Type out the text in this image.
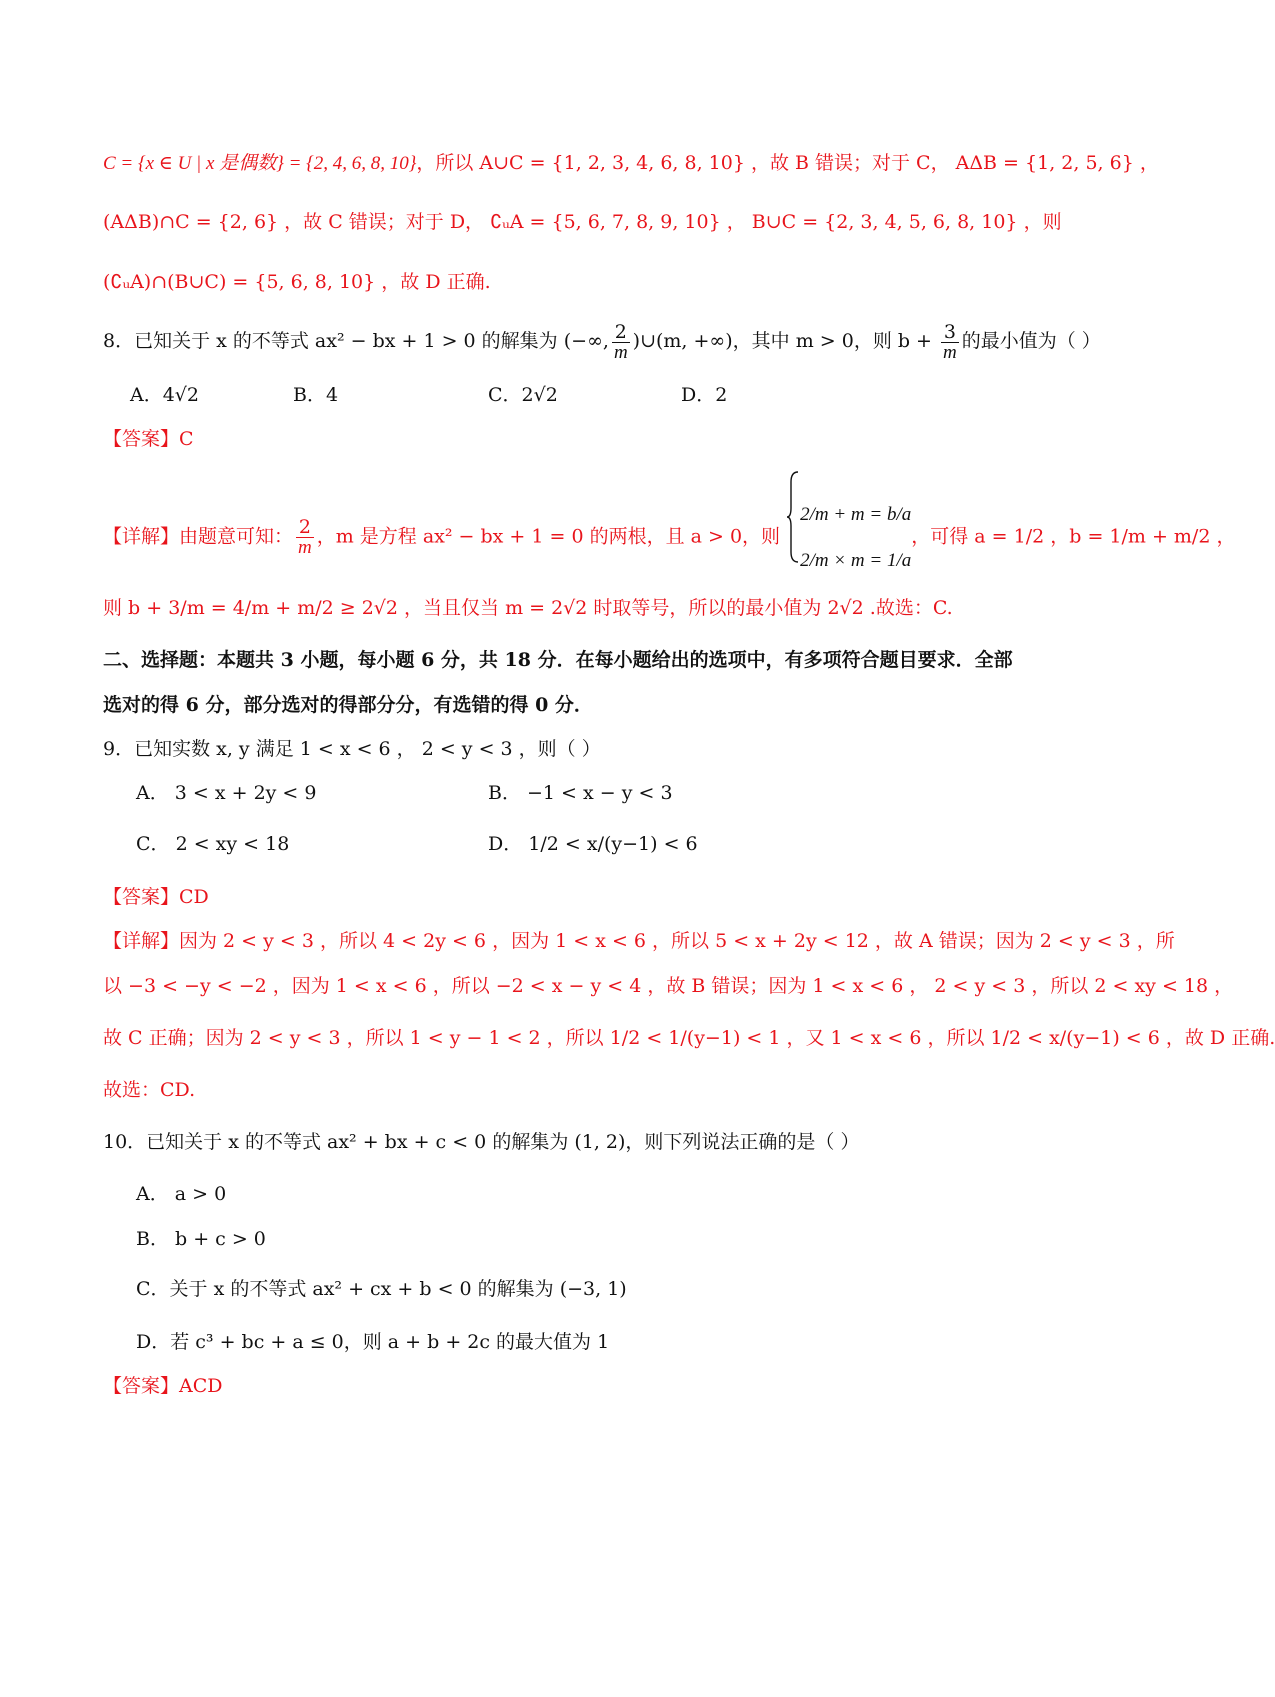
C = {x ∈ U | x 是偶数} = {2, 4, 6, 8, 10}，所以 A∪C = {1, 2, 3, 4, 6, 8, 10} ，故 B 错误；对于 C， AΔB = {1, 2, 5, 6} ，
(AΔB)∩C = {2, 6} ，故 C 错误；对于 D， ∁ᵤA = {5, 6, 7, 8, 9, 10} ， B∪C = {2, 3, 4, 5, 6, 8, 10} ，则
(∁ᵤA)∩(B∪C) = {5, 6, 8, 10} ，故 D 正确.
8．已知关于 x 的不等式 ax² − bx + 1 > 0 的解集为 (−∞, $\frac{2}{m}$ )∪(m, +∞)，其中 m > 0，则 $b + \frac{3}{m}$ 的最小值为（ ）
A．4√2	B．4	C．2√2	D．2
【答案】C
【详解】由题意可知： $\frac{2}{m}$ ，m 是方程 ax² − bx + 1 = 0 的两根，且 a > 0，则
2/m + m = b/a
2/m × m = 1/a
，可得 a = 1/2 ，b = 1/m + m/2 ，
则 b + 3/m = 4/m + m/2 ≥ 2√2 ，当且仅当 m = 2√2 时取等号，所以的最小值为 2√2 .故选：C.
二、选择题：本题共 3 小题，每小题 6 分，共 18 分．在每小题给出的选项中，有多项符合题目要求．全部
选对的得 6 分，部分选对的得部分分，有选错的得 0 分．
9．已知实数 x, y 满足 1 < x < 6 ， 2 < y < 3 ，则（ ）
A． 3 < x + 2y < 9	B． −1 < x − y < 3
C． 2 < xy < 18	D． 1/2 < x/(y−1) < 6
【答案】CD
【详解】因为 2 < y < 3 ，所以 4 < 2y < 6 ，因为 1 < x < 6 ，所以 5 < x + 2y < 12 ，故 A 错误；因为 2 < y < 3 ，所
以 −3 < −y < −2 ，因为 1 < x < 6 ，所以 −2 < x − y < 4 ，故 B 错误；因为 1 < x < 6 ， 2 < y < 3 ，所以 2 < xy < 18 ，
故 C 正确；因为 2 < y < 3 ，所以 1 < y − 1 < 2 ，所以 1/2 < 1/(y−1) < 1 ，又 1 < x < 6 ，所以 1/2 < x/(y−1) < 6 ，故 D 正确.
故选：CD.
10．已知关于 x 的不等式 ax² + bx + c < 0 的解集为 (1, 2)，则下列说法正确的是（ ）
A． a > 0
B． b + c > 0
C．关于 x 的不等式 ax² + cx + b < 0 的解集为 (−3, 1)
D．若 c³ + bc + a ≤ 0，则 a + b + 2c 的最大值为 1
【答案】ACD
